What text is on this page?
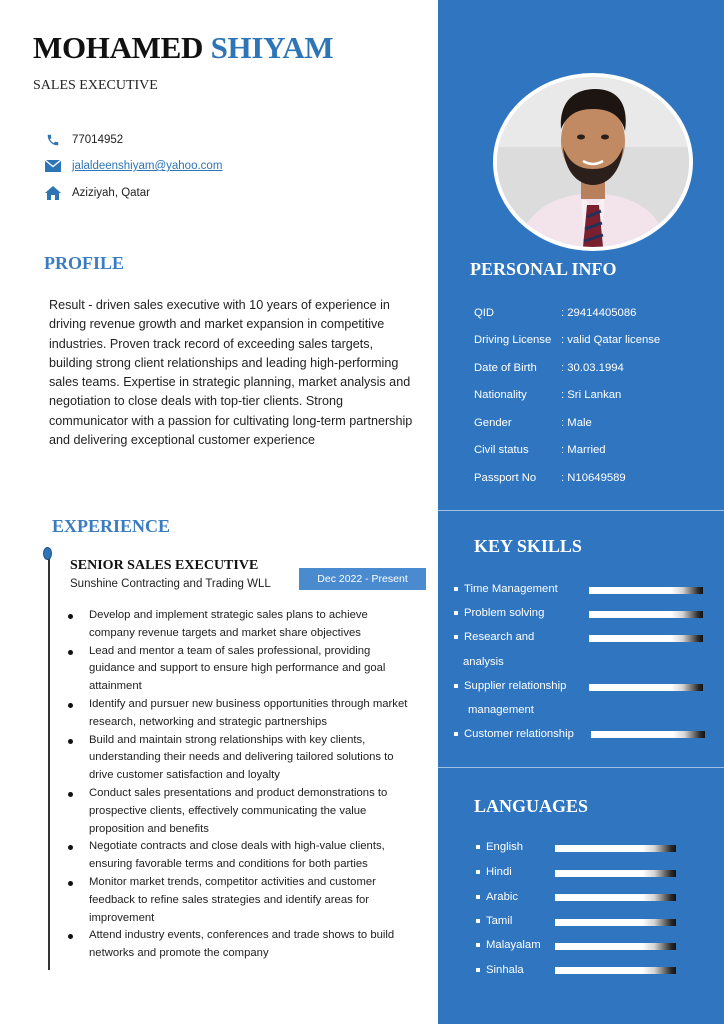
MOHAMED SHIYAM
SALES EXECUTIVE
77014952
jalaldeenshiyam@yahoo.com
Aziziyah, Qatar
PROFILE
Result - driven sales executive with 10 years of experience in driving revenue growth and market expansion in competitive industries. Proven track record of exceeding sales targets, building strong client relationships and leading high-performing sales teams. Expertise in strategic planning, market analysis and negotiation to close deals with top-tier clients. Strong communicator with a passion for cultivating long-term partnership and delivering exceptional customer experience
EXPERIENCE
SENIOR SALES EXECUTIVE
Sunshine Contracting and Trading WLL	Dec 2022 - Present
Develop and implement strategic sales plans to achieve company revenue targets and market share objectives
Lead and mentor a team of sales professional, providing guidance and support to ensure high performance and goal attainment
Identify and pursuer new business opportunities through market research, networking and strategic partnerships
Build and maintain strong relationships with key clients, understanding their needs and delivering tailored solutions to drive customer satisfaction and loyalty
Conduct sales presentations and product demonstrations to prospective clients, effectively communicating the value proposition and benefits
Negotiate contracts and close deals with high-value clients, ensuring favorable terms and conditions for both parties
Monitor market trends, competitor activities and customer feedback to refine sales strategies and identify areas for improvement
Attend industry events, conferences and trade shows to build networks and promote the company
PERSONAL INFO
QID	: 29414405086
Driving License : valid Qatar license
Date of Birth : 30.03.1994
Nationality	: Sri Lankan
Gender	: Male
Civil status	: Married
Passport No : N10649589
KEY SKILLS
Time Management
Problem solving
Research and
analysis
Supplier relationship
management
Customer relationship
LANGUAGES
English
Hindi
Arabic
Tamil
Malayalam
Sinhala
